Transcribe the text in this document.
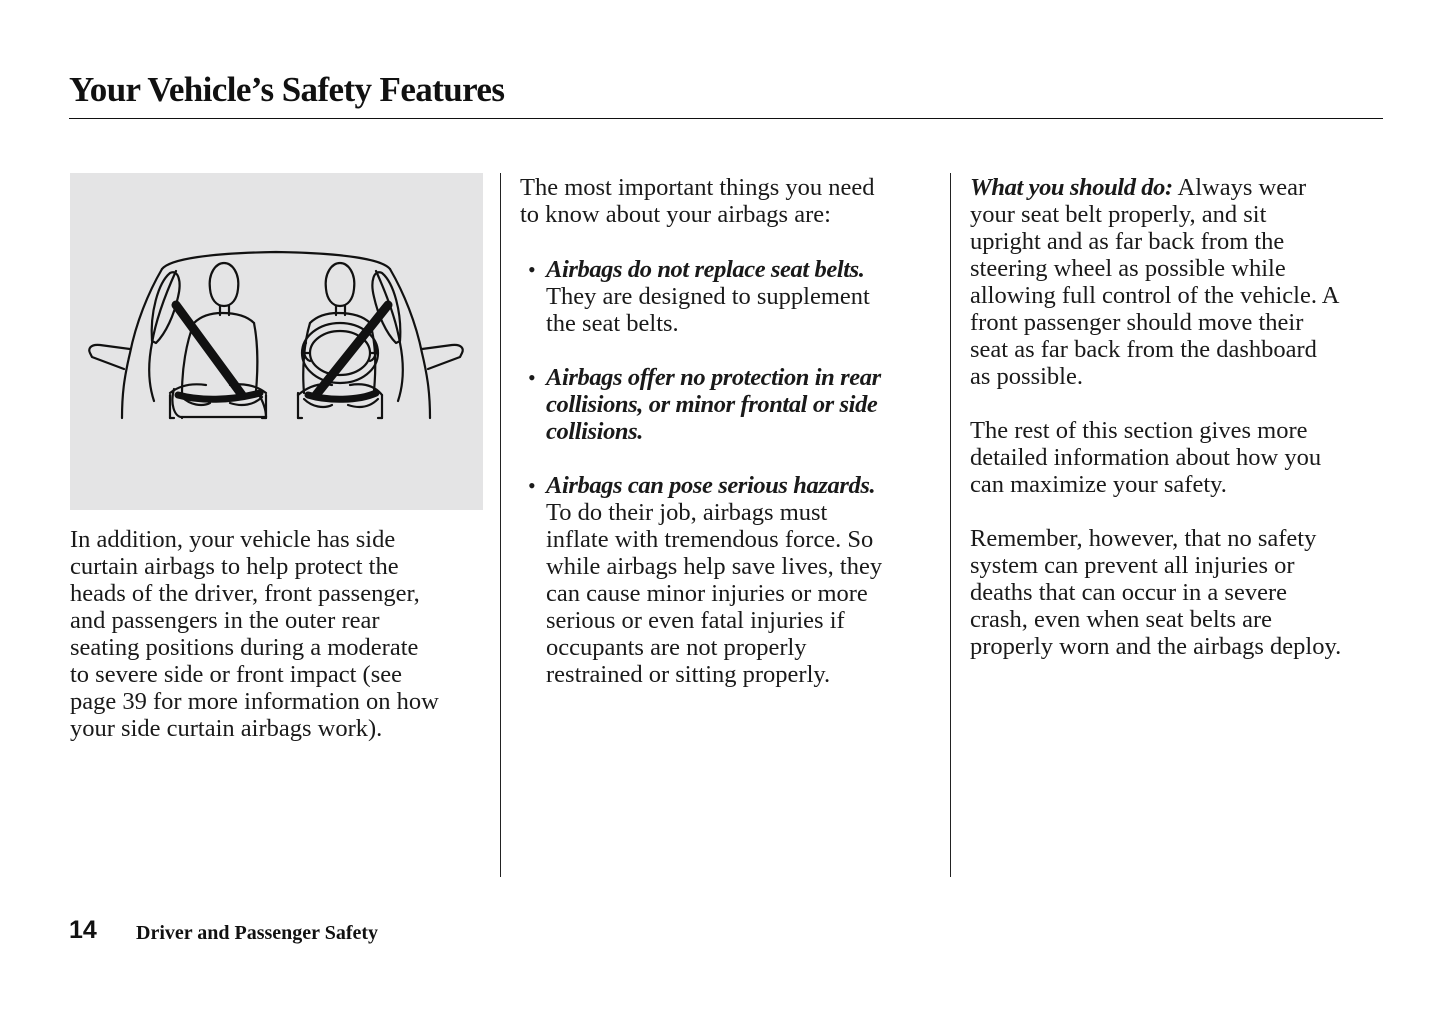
Your Vehicle’s Safety Features
In addition, your vehicle has side
curtain airbags to help protect the
heads of the driver, front passenger,
and passengers in the outer rear
seating positions during a moderate
to severe side or front impact (see
page 39 for more information on how
your side curtain airbags work).
The most important things you need
to know about your airbags are:
• Airbags do not replace seat belts.
They are designed to supplement
the seat belts.
• Airbags offer no protection in rear
collisions, or minor frontal or side
collisions.
• Airbags can pose serious hazards.
To do their job, airbags must
inflate with tremendous force. So
while airbags help save lives, they
can cause minor injuries or more
serious or even fatal injuries if
occupants are not properly
restrained or sitting properly.
What you should do: Always wear
your seat belt properly, and sit
upright and as far back from the
steering wheel as possible while
allowing full control of the vehicle. A
front passenger should move their
seat as far back from the dashboard
as possible.
The rest of this section gives more
detailed information about how you
can maximize your safety.
Remember, however, that no safety
system can prevent all injuries or
deaths that can occur in a severe
crash, even when seat belts are
properly worn and the airbags deploy.
14 Driver and Passenger Safety
